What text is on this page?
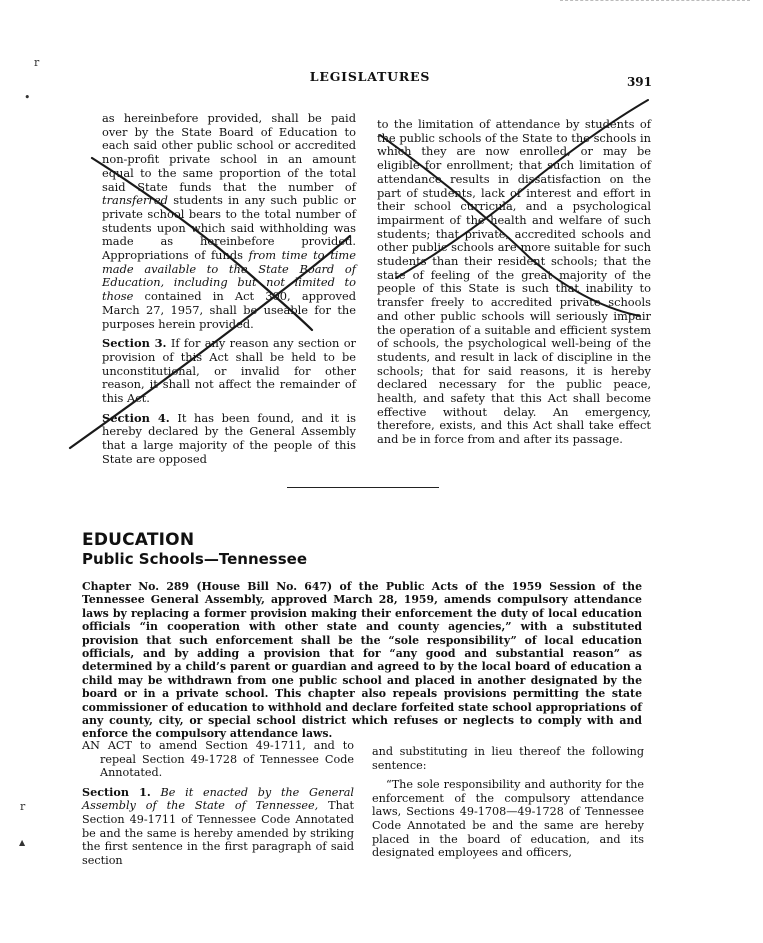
LEGISLATURES	391

as hereinbefore provided, shall be paid over by the State Board of Education to each said other public school or accredited non-profit private school in an amount equal to the same proportion of the total said State funds that the number of transferred students in any such public or private school bears to the total number of students upon which said withholding was made as hereinbefore provided. Appropriations of funds from time to time made available to the State Board of Education, including but not limited to those contained in Act 300, approved March 27, 1957, shall be useable for the purposes herein provided.

Section 3. If for any reason any section or provision of this Act shall be held to be unconstitutional, or invalid for other reason, it shall not affect the remainder of this Act.

Section 4. It has been found, and it is hereby declared by the General Assembly that a large majority of the people of this State are opposed

to the limitation of attendance by students of the public schools of the State to the schools in which they are now enrolled, or may be eligible for enrollment; that such limitation of attendance results in dissatisfaction on the part of students, lack of interest and effort in their school curricula, and a psychological impairment of the health and welfare of such students; that private, accredited schools and other public schools are more suitable for such students than their resident schools; that the state of feeling of the great majority of the people of this State is such that inability to transfer freely to accredited private schools and other public schools will seriously impair the operation of a suitable and efficient system of schools, the psychological well-being of the students, and result in lack of discipline in the schools; that for said reasons, it is hereby declared necessary for the public peace, health, and safety that this Act shall become effective without delay. An emergency, therefore, exists, and this Act shall take effect and be in force from and after its passage.

EDUCATION
Public Schools—Tennessee
Chapter No. 289 (House Bill No. 647) of the Public Acts of the 1959 Session of the Tennessee General Assembly, approved March 28, 1959, amends compulsory attendance laws by replacing a former provision making their enforcement the duty of local education officials “in cooperation with other state and county agencies,” with a substituted provision that such enforcement shall be the “sole responsibility” of local education officials, and by adding a provision that for “any good and substantial reason” as determined by a child’s parent or guardian and agreed to by the local board of education a child may be withdrawn from one public school and placed in another designated by the board or in a private school. This chapter also repeals provisions permitting the state commissioner of education to withhold and declare forfeited state school appropriations of any county, city, or special school district which refuses or neglects to comply with and enforce the compulsory attendance laws.

AN ACT to amend Section 49-1711, and to repeal Section 49-1728 of Tennessee Code Annotated.

Section 1. Be it enacted by the General Assembly of the State of Tennessee, That Section 49-1711 of Tennessee Code Annotated be and the same is hereby amended by striking the first sentence in the first paragraph of said section

and substituting in lieu thereof the following sentence:

“The sole responsibility and authority for the enforcement of the compulsory attendance laws, Sections 49-1708—49-1728 of Tennessee Code Annotated be and the same are hereby placed in the board of education, and its designated employees and officers,

r
•
r
▲
